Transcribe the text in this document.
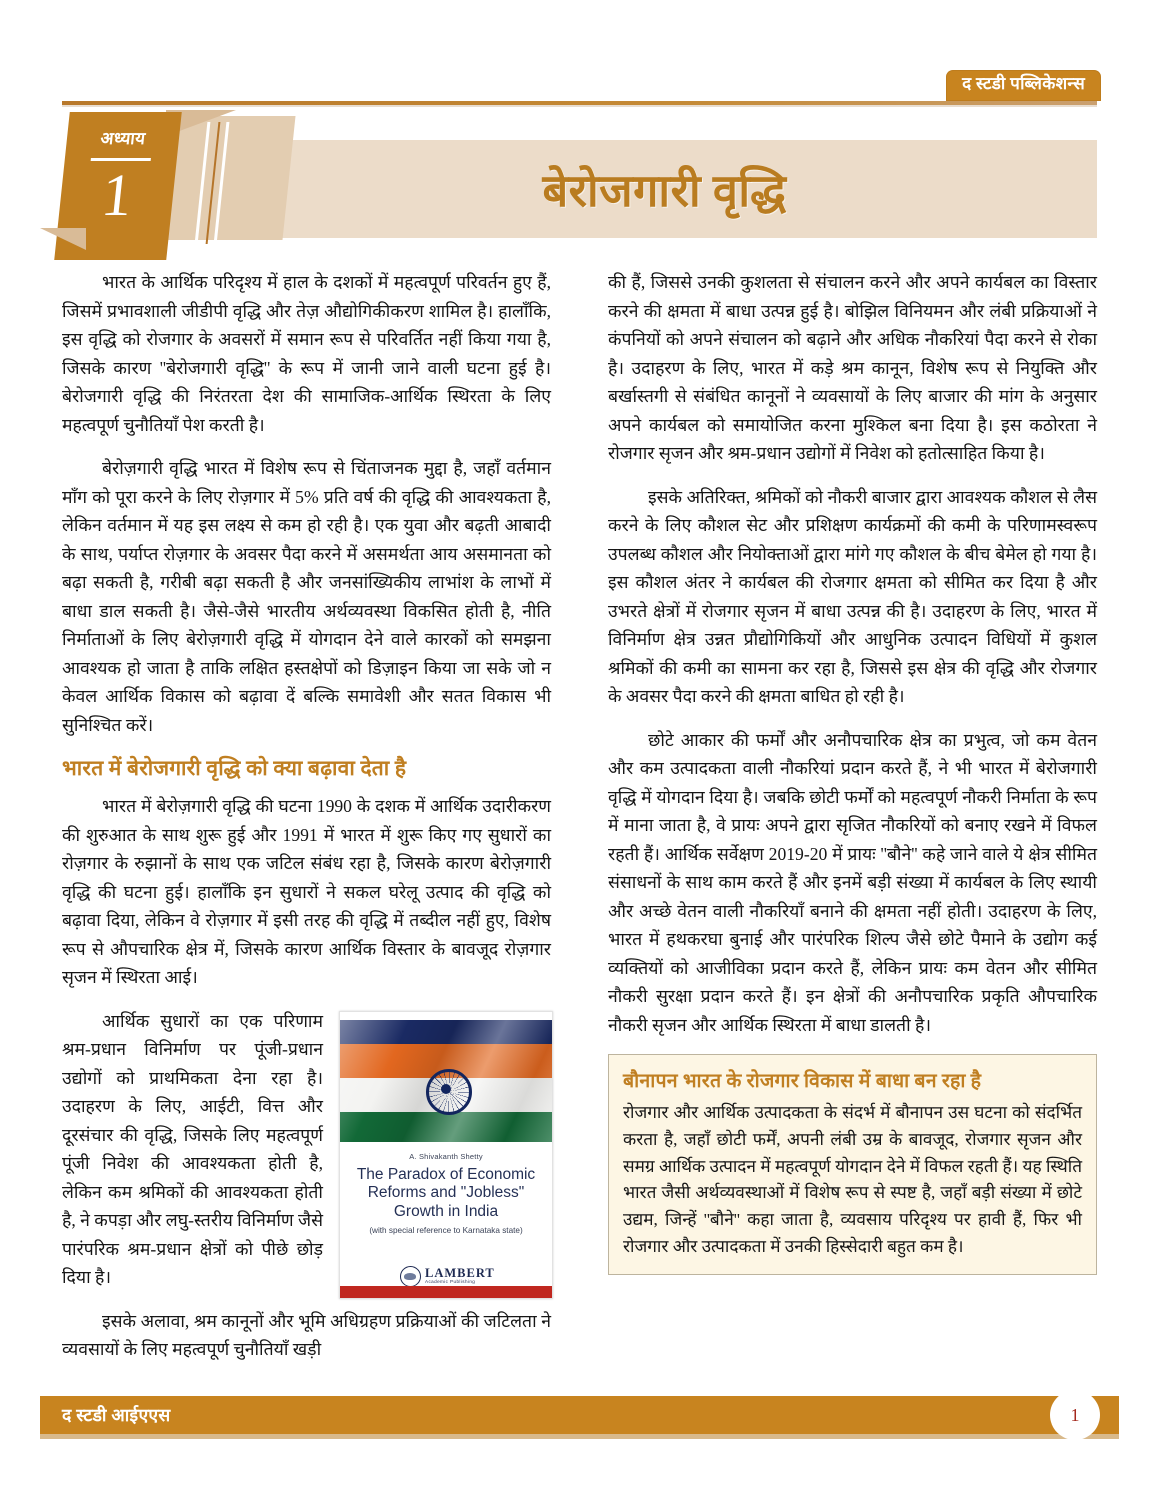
द स्टडी पब्लिकेशन्स
अध्याय
1	बेरोजगारी वृद्धि

भारत के आर्थिक परिदृश्य में हाल के दशकों में महत्वपूर्ण परिवर्तन हुए हैं, जिसमें प्रभावशाली जीडीपी वृद्धि और तेज़ औद्योगिकीकरण शामिल है। हालाँकि, इस वृद्धि को रोजगार के अवसरों में समान रूप से परिवर्तित नहीं किया गया है, जिसके कारण ''बेरोजगारी वृद्धि'' के रूप में जानी जाने वाली घटना हुई है। बेरोजगारी वृद्धि की निरंतरता देश की सामाजिक-आर्थिक स्थिरता के लिए महत्वपूर्ण चुनौतियाँ पेश करती है।

बेरोज़गारी वृद्धि भारत में विशेष रूप से चिंताजनक मुद्दा है, जहाँ वर्तमान माँग को पूरा करने के लिए रोज़गार में 5% प्रति वर्ष की वृद्धि की आवश्यकता है, लेकिन वर्तमान में यह इस लक्ष्य से कम हो रही है। एक युवा और बढ़ती आबादी के साथ, पर्याप्त रोज़गार के अवसर पैदा करने में असमर्थता आय असमानता को बढ़ा सकती है, गरीबी बढ़ा सकती है और जनसांख्यिकीय लाभांश के लाभों में बाधा डाल सकती है। जैसे-जैसे भारतीय अर्थव्यवस्था विकसित होती है, नीति निर्माताओं के लिए बेरोज़गारी वृद्धि में योगदान देने वाले कारकों को समझना आवश्यक हो जाता है ताकि लक्षित हस्तक्षेपों को डिज़ाइन किया जा सके जो न केवल आर्थिक विकास को बढ़ावा दें बल्कि समावेशी और सतत विकास भी सुनिश्चित करें।

भारत में बेरोजगारी वृद्धि को क्या बढ़ावा देता है

भारत में बेरोज़गारी वृद्धि की घटना 1990 के दशक में आर्थिक उदारीकरण की शुरुआत के साथ शुरू हुई और 1991 में भारत में शुरू किए गए सुधारों का रोज़गार के रुझानों के साथ एक जटिल संबंध रहा है, जिसके कारण बेरोज़गारी वृद्धि की घटना हुई। हालाँकि इन सुधारों ने सकल घरेलू उत्पाद की वृद्धि को बढ़ावा दिया, लेकिन वे रोज़गार में इसी तरह की वृद्धि में तब्दील नहीं हुए, विशेष रूप से औपचारिक क्षेत्र में, जिसके कारण आर्थिक विस्तार के बावजूद रोज़गार सृजन में स्थिरता आई।

A. Shivakanth Shetty
The Paradox of Economic Reforms and "Jobless" Growth in India
(with special reference to Karnataka state)
LAMBERT
Academic Publishing

आर्थिक सुधारों का एक परिणाम श्रम-प्रधान विनिर्माण पर पूंजी-प्रधान उद्योगों को प्राथमिकता देना रहा है। उदाहरण के लिए, आईटी, वित्त और दूरसंचार की वृद्धि, जिसके लिए महत्वपूर्ण पूंजी निवेश की आवश्यकता होती है, लेकिन कम श्रमिकों की आवश्यकता होती है, ने कपड़ा और लघु-स्तरीय विनिर्माण जैसे पारंपरिक श्रम-प्रधान क्षेत्रों को पीछे छोड़ दिया है।

इसके अलावा, श्रम कानूनों और भूमि अधिग्रहण प्रक्रियाओं की जटिलता ने व्यवसायों के लिए महत्वपूर्ण चुनौतियाँ खड़ी

की हैं, जिससे उनकी कुशलता से संचालन करने और अपने कार्यबल का विस्तार करने की क्षमता में बाधा उत्पन्न हुई है। बोझिल विनियमन और लंबी प्रक्रियाओं ने कंपनियों को अपने संचालन को बढ़ाने और अधिक नौकरियां पैदा करने से रोका है। उदाहरण के लिए, भारत में कड़े श्रम कानून, विशेष रूप से नियुक्ति और बर्खास्तगी से संबंधित कानूनों ने व्यवसायों के लिए बाजार की मांग के अनुसार अपने कार्यबल को समायोजित करना मुश्किल बना दिया है। इस कठोरता ने रोजगार सृजन और श्रम-प्रधान उद्योगों में निवेश को हतोत्साहित किया है।

इसके अतिरिक्त, श्रमिकों को नौकरी बाजार द्वारा आवश्यक कौशल से लैस करने के लिए कौशल सेट और प्रशिक्षण कार्यक्रमों की कमी के परिणामस्वरूप उपलब्ध कौशल और नियोक्ताओं द्वारा मांगे गए कौशल के बीच बेमेल हो गया है। इस कौशल अंतर ने कार्यबल की रोजगार क्षमता को सीमित कर दिया है और उभरते क्षेत्रों में रोजगार सृजन में बाधा उत्पन्न की है। उदाहरण के लिए, भारत में विनिर्माण क्षेत्र उन्नत प्रौद्योगिकियों और आधुनिक उत्पादन विधियों में कुशल श्रमिकों की कमी का सामना कर रहा है, जिससे इस क्षेत्र की वृद्धि और रोजगार के अवसर पैदा करने की क्षमता बाधित हो रही है।

छोटे आकार की फर्मों और अनौपचारिक क्षेत्र का प्रभुत्व, जो कम वेतन और कम उत्पादकता वाली नौकरियां प्रदान करते हैं, ने भी भारत में बेरोजगारी वृद्धि में योगदान दिया है। जबकि छोटी फर्मों को महत्वपूर्ण नौकरी निर्माता के रूप में माना जाता है, वे प्रायः अपने द्वारा सृजित नौकरियों को बनाए रखने में विफल रहती हैं। आर्थिक सर्वेक्षण 2019-20 में प्रायः ''बौने'' कहे जाने वाले ये क्षेत्र सीमित संसाधनों के साथ काम करते हैं और इनमें बड़ी संख्या में कार्यबल के लिए स्थायी और अच्छे वेतन वाली नौकरियाँ बनाने की क्षमता नहीं होती। उदाहरण के लिए, भारत में हथकरघा बुनाई और पारंपरिक शिल्प जैसे छोटे पैमाने के उद्योग कई व्यक्तियों को आजीविका प्रदान करते हैं, लेकिन प्रायः कम वेतन और सीमित नौकरी सुरक्षा प्रदान करते हैं। इन क्षेत्रों की अनौपचारिक प्रकृति औपचारिक नौकरी सृजन और आर्थिक स्थिरता में बाधा डालती है।

बौनापन भारत के रोजगार विकास में बाधा बन रहा है

रोजगार और आर्थिक उत्पादकता के संदर्भ में बौनापन उस घटना को संदर्भित करता है, जहाँ छोटी फर्में, अपनी लंबी उम्र के बावजूद, रोजगार सृजन और समग्र आर्थिक उत्पादन में महत्वपूर्ण योगदान देने में विफल रहती हैं। यह स्थिति भारत जैसी अर्थव्यवस्थाओं में विशेष रूप से स्पष्ट है, जहाँ बड़ी संख्या में छोटे उद्यम, जिन्हें ''बौने'' कहा जाता है, व्यवसाय परिदृश्य पर हावी हैं, फिर भी रोजगार और उत्पादकता में उनकी हिस्सेदारी बहुत कम है।

द स्टडी आईएएस	1
